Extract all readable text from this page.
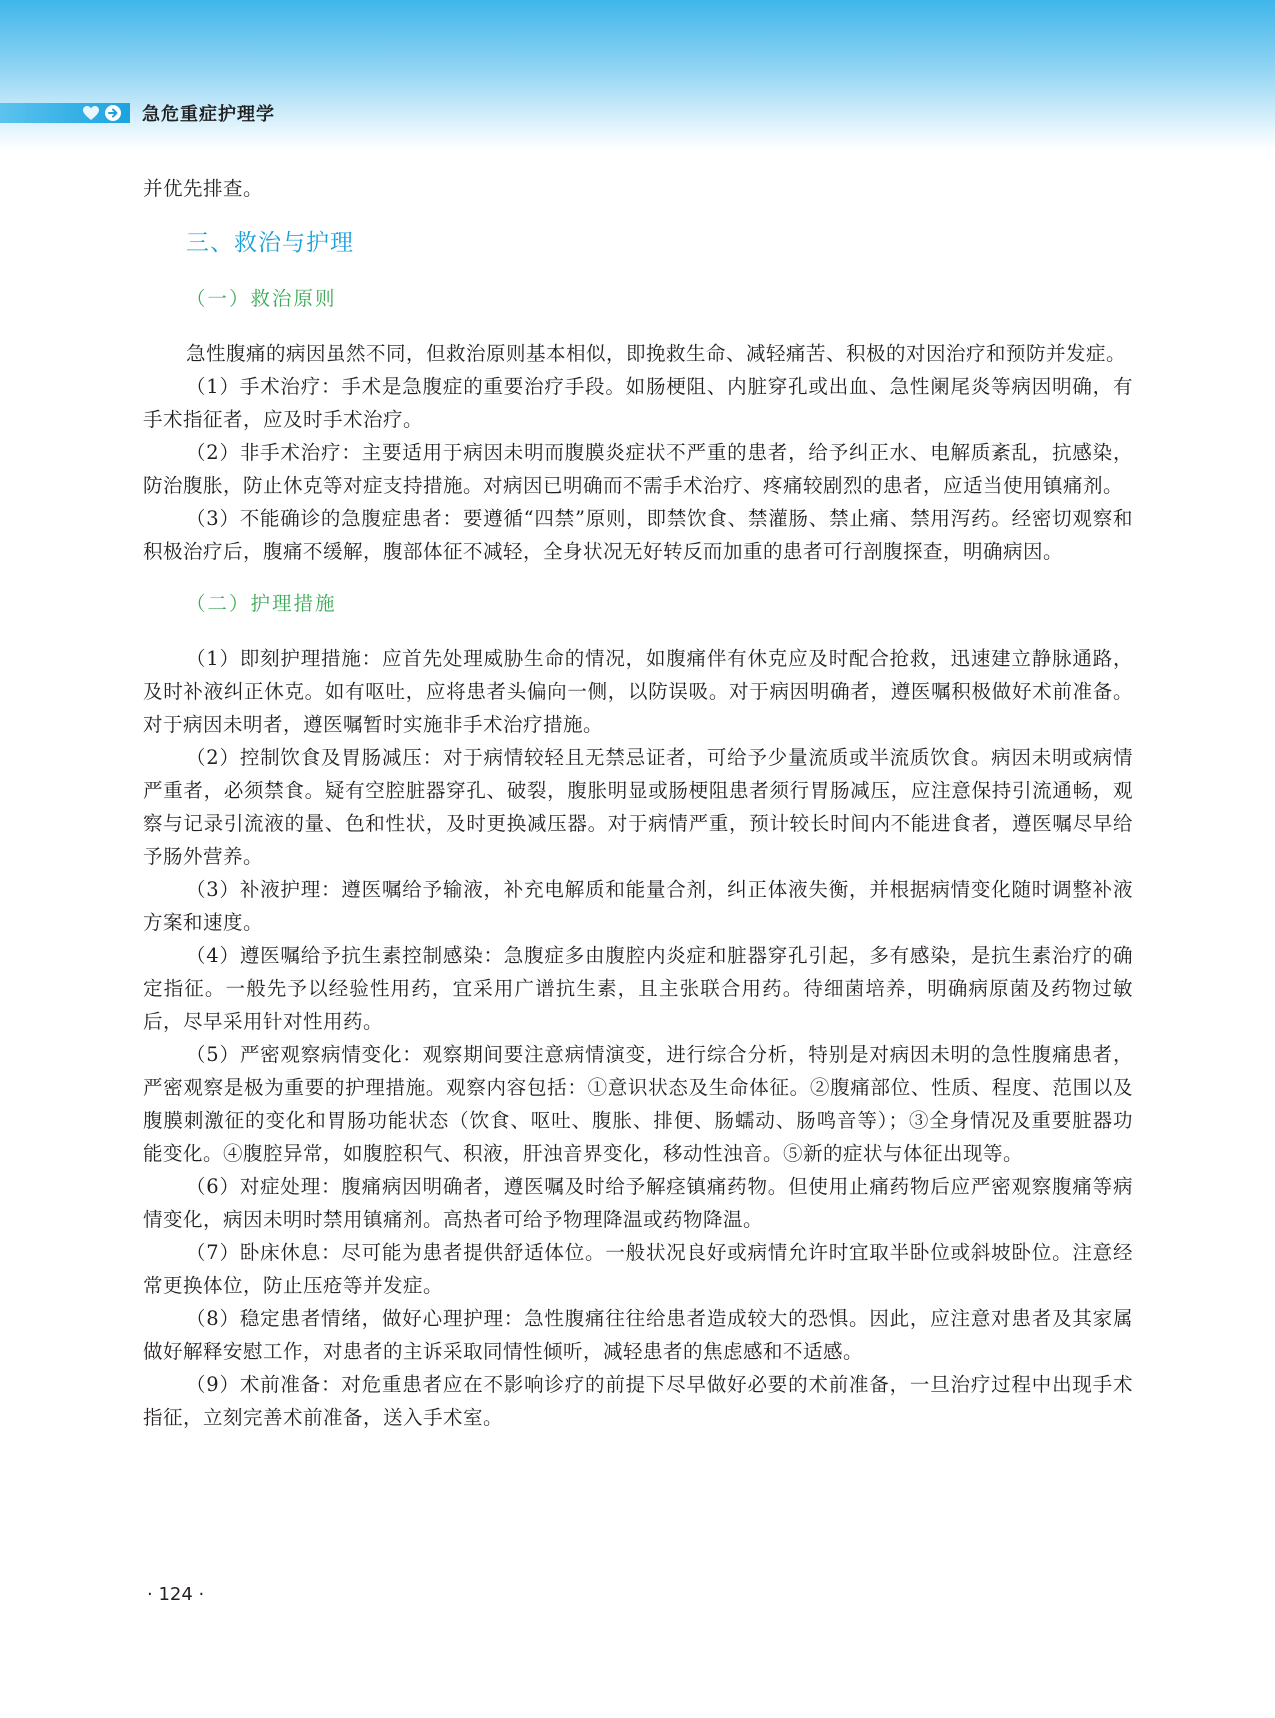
急危重症护理学

并优先排查。

三、救治与护理
（一）救治原则

急性腹痛的病因虽然不同，但救治原则基本相似，即挽救生命、减轻痛苦、积极的对因治疗和预防并发症。

（1）手术治疗：手术是急腹症的重要治疗手段。如肠梗阻、内脏穿孔或出血、急性阑尾炎等病因明确，有手术指征者，应及时手术治疗。

（2）非手术治疗：主要适用于病因未明而腹膜炎症状不严重的患者，给予纠正水、电解质紊乱，抗感染，防治腹胀，防止休克等对症支持措施。对病因已明确而不需手术治疗、疼痛较剧烈的患者，应适当使用镇痛剂。

（3）不能确诊的急腹症患者：要遵循“四禁”原则，即禁饮食、禁灌肠、禁止痛、禁用泻药。经密切观察和积极治疗后，腹痛不缓解，腹部体征不减轻，全身状况无好转反而加重的患者可行剖腹探查，明确病因。

（二）护理措施

（1）即刻护理措施：应首先处理威胁生命的情况，如腹痛伴有休克应及时配合抢救，迅速建立静脉通路，及时补液纠正休克。如有呕吐，应将患者头偏向一侧，以防误吸。对于病因明确者，遵医嘱积极做好术前准备。对于病因未明者，遵医嘱暂时实施非手术治疗措施。

（2）控制饮食及胃肠减压：对于病情较轻且无禁忌证者，可给予少量流质或半流质饮食。病因未明或病情严重者，必须禁食。疑有空腔脏器穿孔、破裂，腹胀明显或肠梗阻患者须行胃肠减压，应注意保持引流通畅，观察与记录引流液的量、色和性状，及时更换减压器。对于病情严重，预计较长时间内不能进食者，遵医嘱尽早给予肠外营养。

（3）补液护理：遵医嘱给予输液，补充电解质和能量合剂，纠正体液失衡，并根据病情变化随时调整补液方案和速度。

（4）遵医嘱给予抗生素控制感染：急腹症多由腹腔内炎症和脏器穿孔引起，多有感染，是抗生素治疗的确定指征。一般先予以经验性用药，宜采用广谱抗生素，且主张联合用药。待细菌培养，明确病原菌及药物过敏后，尽早采用针对性用药。

（5）严密观察病情变化：观察期间要注意病情演变，进行综合分析，特别是对病因未明的急性腹痛患者，严密观察是极为重要的护理措施。观察内容包括：①意识状态及生命体征。②腹痛部位、性质、程度、范围以及腹膜刺激征的变化和胃肠功能状态（饮食、呕吐、腹胀、排便、肠蠕动、肠鸣音等）；③全身情况及重要脏器功能变化。④腹腔异常，如腹腔积气、积液，肝浊音界变化，移动性浊音。⑤新的症状与体征出现等。

（6）对症处理：腹痛病因明确者，遵医嘱及时给予解痉镇痛药物。但使用止痛药物后应严密观察腹痛等病情变化，病因未明时禁用镇痛剂。高热者可给予物理降温或药物降温。

（7）卧床休息：尽可能为患者提供舒适体位。一般状况良好或病情允许时宜取半卧位或斜坡卧位。注意经常更换体位，防止压疮等并发症。

（8）稳定患者情绪，做好心理护理：急性腹痛往往给患者造成较大的恐惧。因此，应注意对患者及其家属做好解释安慰工作，对患者的主诉采取同情性倾听，减轻患者的焦虑感和不适感。

（9）术前准备：对危重患者应在不影响诊疗的前提下尽早做好必要的术前准备，一旦治疗过程中出现手术指征，立刻完善术前准备，送入手术室。

· 124 ·
